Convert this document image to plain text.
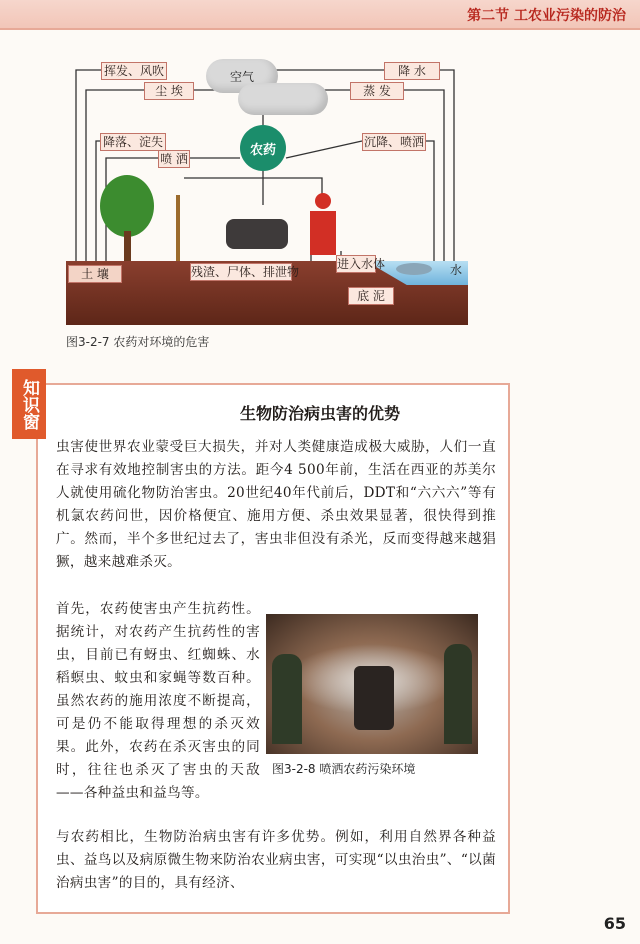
第二节 工农业污染的防治
空气
挥发、风吹
尘 埃
降落、淀失
喷 洒
降 水
蒸 发
沉降、喷洒
农药
土 壤	残渣、尸体、排泄物
进入水体
底 泥
水
图3-2-7 农药对环境的危害
知识窗	生物防治病虫害的优势
虫害使世界农业蒙受巨大损失，并对人类健康造成极大威胁，人们一直在寻求有效地控制害虫的方法。距今4 500年前，生活在西亚的苏美尔人就使用硫化物防治害虫。20世纪40年代前后，DDT和“六六六”等有机氯农药问世，因价格便宜、施用方便、杀虫效果显著，很快得到推广。然而，半个多世纪过去了，害虫非但没有杀光，反而变得越来越猖獗，越来越难杀灭。
首先，农药使害虫产生抗药性。据统计，对农药产生抗药性的害虫，目前已有蚜虫、红蜘蛛、水稻螟虫、蚊虫和家蝇等数百种。虽然农药的施用浓度不断提高，可是仍不能取得理想的杀灭效果。此外，农药在杀灭害虫的同时，往往也杀灭了害虫的天敌——各种益虫和益鸟等。
图3-2-8 喷洒农药污染环境
与农药相比，生物防治病虫害有许多优势。例如，利用自然界各种益虫、益鸟以及病原微生物来防治农业病虫害，可实现“以虫治虫”、“以菌治病虫害”的目的，具有经济、
65
